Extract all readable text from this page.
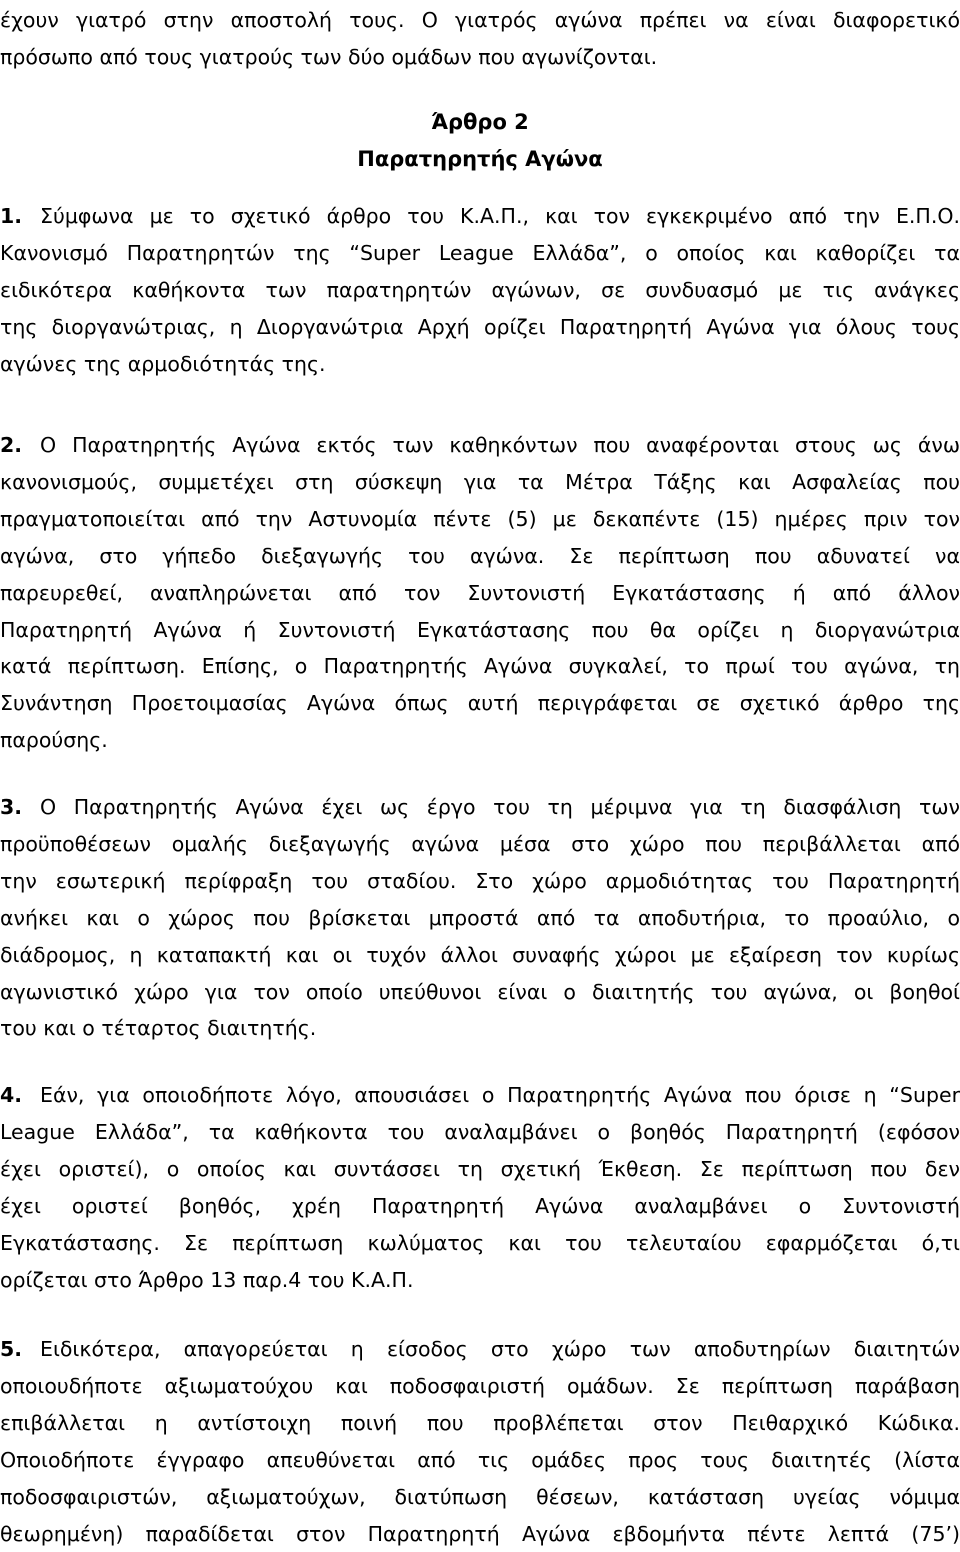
έχουν γιατρό στην αποστολή τους. Ο γιατρός αγώνα πρέπει να είναι διαφορετικό
πρόσωπο από τους γιατρούς των δύο ομάδων που αγωνίζονται.
Άρθρο 2
Παρατηρητής Αγώνα
1. Σύμφωνα με το σχετικό άρθρο του Κ.Α.Π., και τον εγκεκριμένο από την Ε.Π.Ο.
Κανονισμό Παρατηρητών της “Super League Ελλάδα”, ο οποίος και καθορίζει τα
ειδικότερα καθήκοντα των παρατηρητών αγώνων, σε συνδυασμό με τις ανάγκες
της διοργανώτριας, η Διοργανώτρια Αρχή ορίζει Παρατηρητή Αγώνα για όλους τους
αγώνες της αρμοδιότητάς της.
2. Ο Παρατηρητής Αγώνα εκτός των καθηκόντων που αναφέρονται στους ως άνω
κανονισμούς, συμμετέχει στη σύσκεψη για τα Μέτρα Τάξης και Ασφαλείας που
πραγματοποιείται από την Αστυνομία πέντε (5) με δεκαπέντε (15) ημέρες πριν τον
αγώνα, στο γήπεδο διεξαγωγής του αγώνα. Σε περίπτωση που αδυνατεί να
παρευρεθεί, αναπληρώνεται από τον Συντονιστή Εγκατάστασης ή από άλλον
Παρατηρητή Αγώνα ή Συντονιστή Εγκατάστασης που θα ορίζει η διοργανώτρια
κατά περίπτωση. Επίσης, ο Παρατηρητής Αγώνα συγκαλεί, το πρωί του αγώνα, τη
Συνάντηση Προετοιμασίας Αγώνα όπως αυτή περιγράφεται σε σχετικό άρθρο της
παρούσης.
3. Ο Παρατηρητής Αγώνα έχει ως έργο του τη μέριμνα για τη διασφάλιση των
προϋποθέσεων ομαλής διεξαγωγής αγώνα μέσα στο χώρο που περιβάλλεται από
την εσωτερική περίφραξη του σταδίου. Στο χώρο αρμοδιότητας του Παρατηρητή
ανήκει και ο χώρος που βρίσκεται μπροστά από τα αποδυτήρια, το προαύλιο, ο
διάδρομος, η καταπακτή και οι τυχόν άλλοι συναφής χώροι με εξαίρεση τον κυρίως
αγωνιστικό χώρο για τον οποίο υπεύθυνοι είναι ο διαιτητής του αγώνα, οι βοηθοί
του και ο τέταρτος διαιτητής.
4. Εάν, για οποιοδήποτε λόγο, απουσιάσει ο Παρατηρητής Αγώνα που όρισε η “Super
League Ελλάδα”, τα καθήκοντα του αναλαμβάνει ο βοηθός Παρατηρητή (εφόσον
έχει οριστεί), ο οποίος και συντάσσει τη σχετική Έκθεση. Σε περίπτωση που δεν
έχει οριστεί βοηθός, χρέη Παρατηρητή Αγώνα αναλαμβάνει ο Συντονιστή
Εγκατάστασης. Σε περίπτωση κωλύματος και του τελευταίου εφαρμόζεται ό,τι
ορίζεται στο Άρθρο 13 παρ.4 του Κ.Α.Π.
5. Ειδικότερα, απαγορεύεται η είσοδος στο χώρο των αποδυτηρίων διαιτητών
οποιουδήποτε αξιωματούχου και ποδοσφαιριστή ομάδων. Σε περίπτωση παράβαση
επιβάλλεται η αντίστοιχη ποινή που προβλέπεται στον Πειθαρχικό Κώδικα.
Οποιοδήποτε έγγραφο απευθύνεται από τις ομάδες προς τους διαιτητές (λίστα
ποδοσφαιριστών, αξιωματούχων, διατύπωση θέσεων, κατάσταση υγείας νόμιμα
θεωρημένη) παραδίδεται στον Παρατηρητή Αγώνα εβδομήντα πέντε λεπτά (75’)
